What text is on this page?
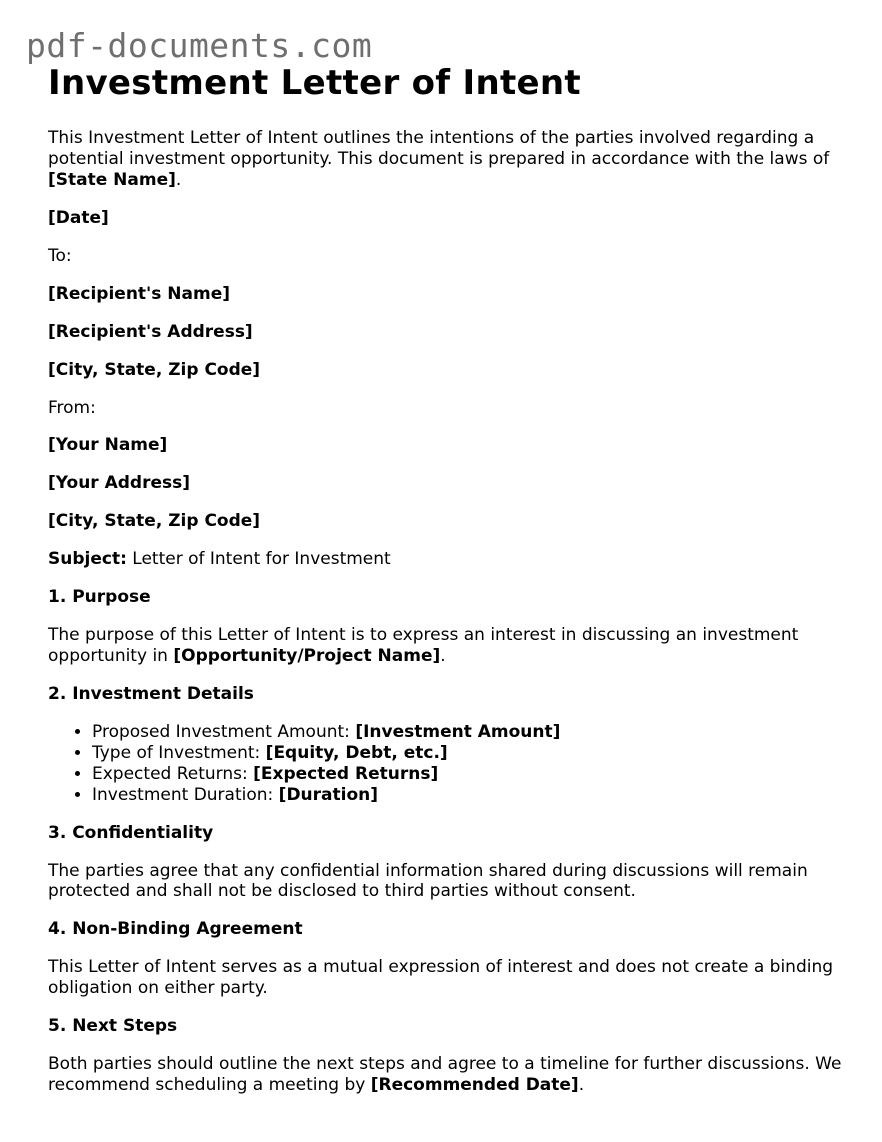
pdf-documents.com
Investment Letter of Intent

This Investment Letter of Intent outlines the intentions of the parties involved regarding a potential investment opportunity. This document is prepared in accordance with the laws of [State Name].

[Date]

To:

[Recipient's Name]

[Recipient's Address]

[City, State, Zip Code]

From:

[Your Name]

[Your Address]

[City, State, Zip Code]

Subject: Letter of Intent for Investment

1. Purpose

The purpose of this Letter of Intent is to express an interest in discussing an investment opportunity in [Opportunity/Project Name].

2. Investment Details

• Proposed Investment Amount: [Investment Amount]
• Type of Investment: [Equity, Debt, etc.]
• Expected Returns: [Expected Returns]
• Investment Duration: [Duration]

3. Confidentiality

The parties agree that any confidential information shared during discussions will remain protected and shall not be disclosed to third parties without consent.

4. Non-Binding Agreement

This Letter of Intent serves as a mutual expression of interest and does not create a binding obligation on either party.

5. Next Steps

Both parties should outline the next steps and agree to a timeline for further discussions. We recommend scheduling a meeting by [Recommended Date].
